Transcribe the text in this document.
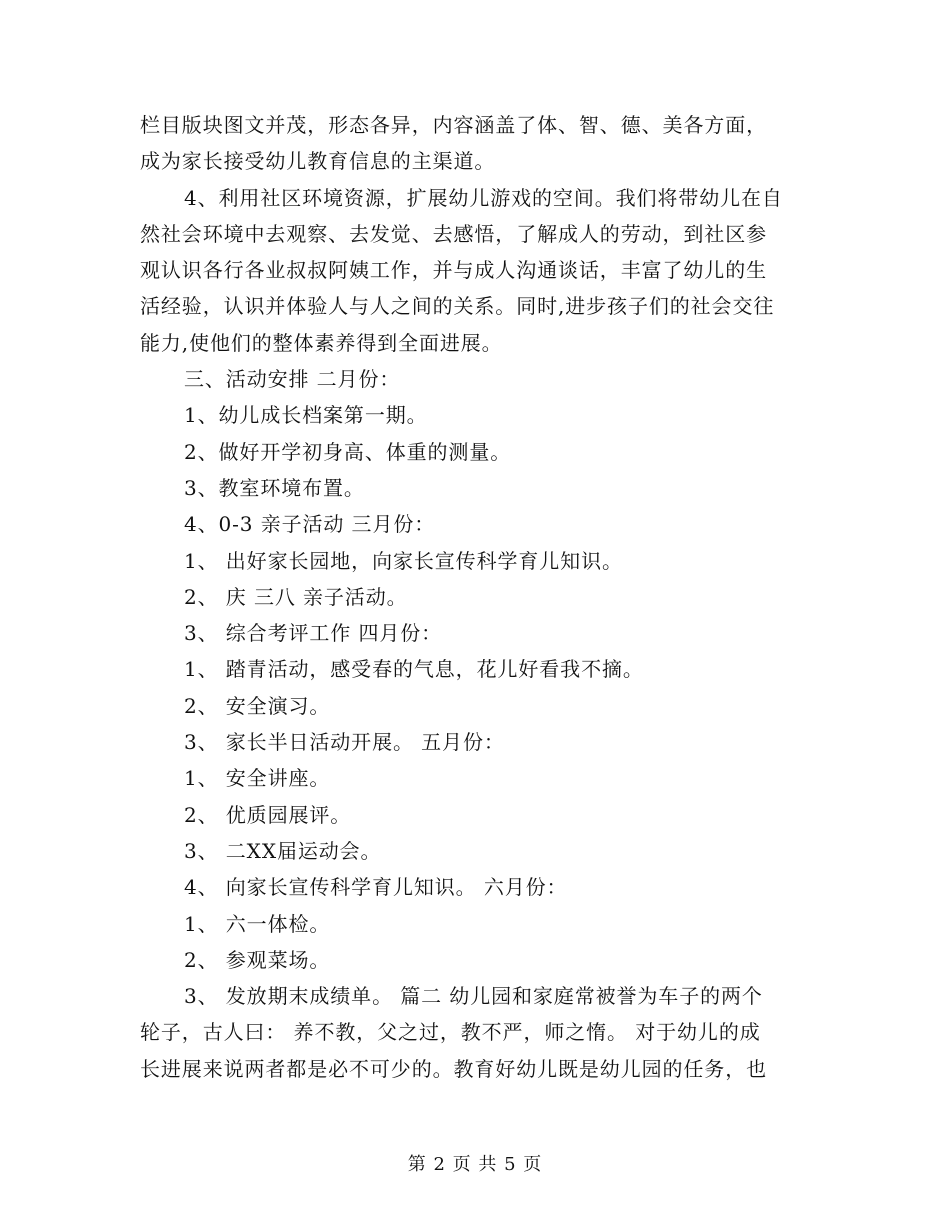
栏目版块图文并茂，形态各异，内容涵盖了体、智、德、美各方面，
成为家长接受幼儿教育信息的主渠道。
4、利用社区环境资源，扩展幼儿游戏的空间。我们将带幼儿在自
然社会环境中去观察、去发觉、去感悟，了解成人的劳动，到社区参
观认识各行各业叔叔阿姨工作，并与成人沟通谈话，丰富了幼儿的生
活经验，认识并体验人与人之间的关系。同时,进步孩子们的社会交往
能力,使他们的整体素养得到全面进展。
三、活动安排 二月份：
1、幼儿成长档案第一期。
2、做好开学初身高、体重的测量。
3、教室环境布置。
4、0-3 亲子活动 三月份：
1、 出好家长园地，向家长宣传科学育儿知识。
2、 庆 三八 亲子活动。
3、 综合考评工作 四月份：
1、 踏青活动，感受春的气息，花儿好看我不摘。
2、 安全演习。
3、 家长半日活动开展。 五月份：
1、 安全讲座。
2、 优质园展评。
3、 二XX届运动会。
4、 向家长宣传科学育儿知识。 六月份：
1、 六一体检。
2、 参观菜场。
3、 发放期末成绩单。 篇二 幼儿园和家庭常被誉为车子的两个
轮子，古人曰： 养不教，父之过，教不严，师之惰。 对于幼儿的成
长进展来说两者都是必不可少的。教育好幼儿既是幼儿园的任务，也
第 2 页 共 5 页
